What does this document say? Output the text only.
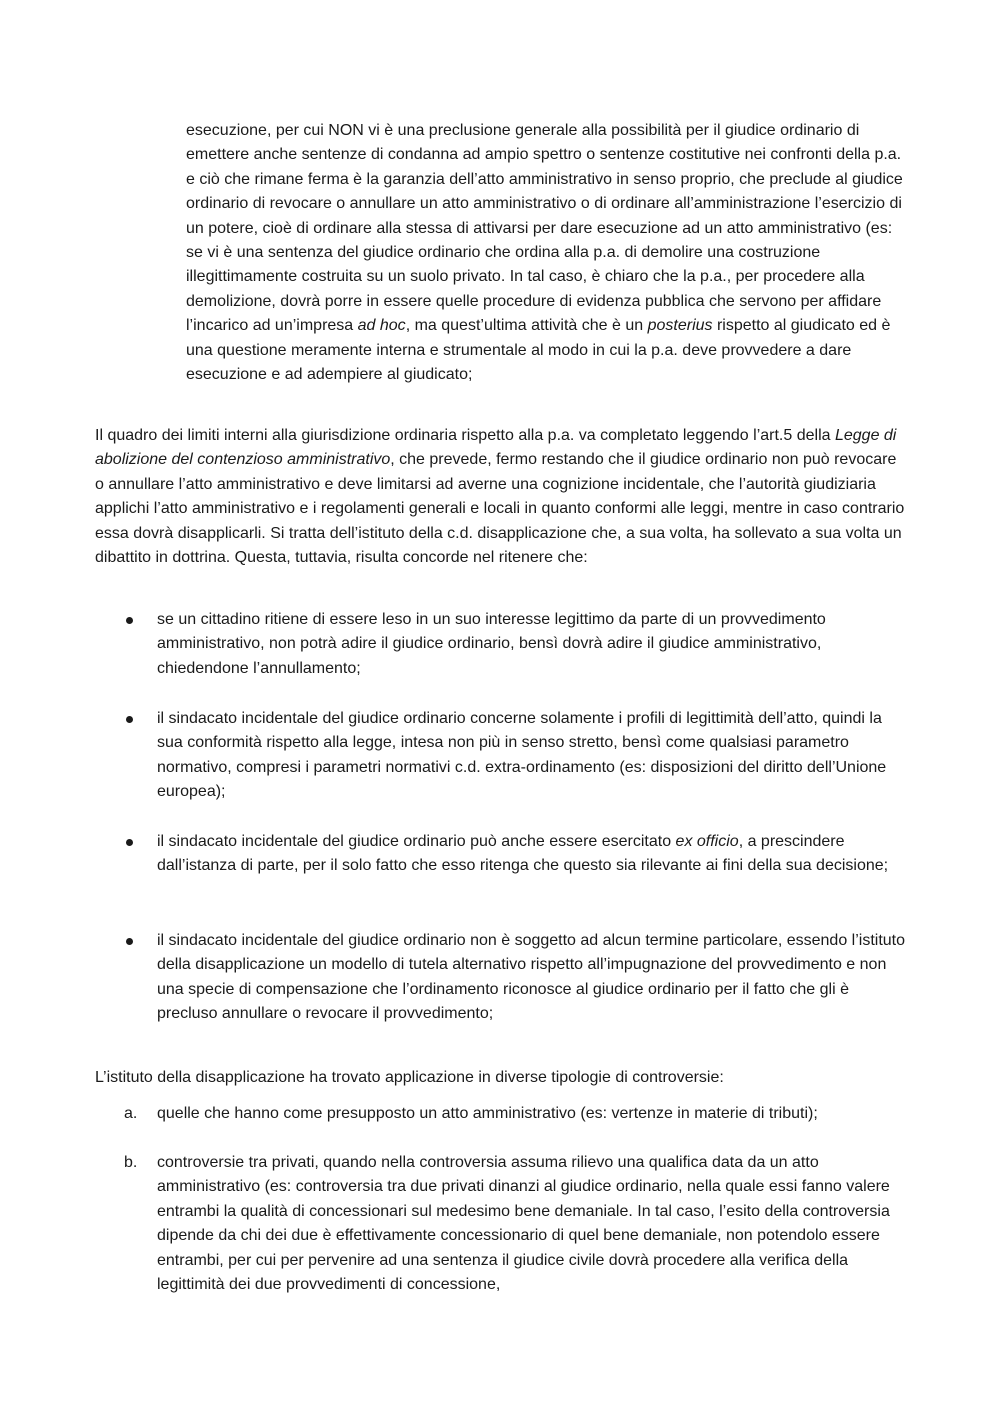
esecuzione, per cui NON vi è una preclusione generale alla possibilità per il giudice ordinario di emettere anche sentenze di condanna ad ampio spettro o sentenze costitutive nei confronti della p.a. e ciò che rimane ferma è la garanzia dell’atto amministrativo in senso proprio, che preclude al giudice ordinario di revocare o annullare un atto amministrativo o di ordinare all’amministrazione l’esercizio di un potere, cioè di ordinare alla stessa di attivarsi per dare esecuzione ad un atto amministrativo (es: se vi è una sentenza del giudice ordinario che ordina alla p.a. di demolire una costruzione illegittimamente costruita su un suolo privato. In tal caso, è chiaro che la p.a., per procedere alla demolizione, dovrà porre in essere quelle procedure di evidenza pubblica che servono per affidare l’incarico ad un’impresa ad hoc, ma quest’ultima attività che è un posterius rispetto al giudicato ed è una questione meramente interna e strumentale al modo in cui la p.a. deve provvedere a dare esecuzione e ad adempiere al giudicato;

Il quadro dei limiti interni alla giurisdizione ordinaria rispetto alla p.a. va completato leggendo l’art.5 della Legge di abolizione del contenzioso amministrativo, che prevede, fermo restando che il giudice ordinario non può revocare o annullare l’atto amministrativo e deve limitarsi ad averne una cognizione incidentale, che l’autorità giudiziaria applichi l’atto amministrativo e i regolamenti generali e locali in quanto conformi alle leggi, mentre in caso contrario essa dovrà disapplicarli. Si tratta dell’istituto della c.d. disapplicazione che, a sua volta, ha sollevato a sua volta un dibattito in dottrina. Questa, tuttavia, risulta concorde nel ritenere che:

se un cittadino ritiene di essere leso in un suo interesse legittimo da parte di un provvedimento amministrativo, non potrà adire il giudice ordinario, bensì dovrà adire il giudice amministrativo, chiedendone l’annullamento;

il sindacato incidentale del giudice ordinario concerne solamente i profili di legittimità dell’atto, quindi la sua conformità rispetto alla legge, intesa non più in senso stretto, bensì come qualsiasi parametro normativo, compresi i parametri normativi c.d. extra-ordinamento (es: disposizioni del diritto dell’Unione europea);

il sindacato incidentale del giudice ordinario può anche essere esercitato ex officio, a prescindere dall’istanza di parte, per il solo fatto che esso ritenga che questo sia rilevante ai fini della sua decisione;

il sindacato incidentale del giudice ordinario non è soggetto ad alcun termine particolare, essendo l’istituto della disapplicazione un modello di tutela alternativo rispetto all’impugnazione del provvedimento e non una specie di compensazione che l’ordinamento riconosce al giudice ordinario per il fatto che gli è precluso annullare o revocare il provvedimento;

L’istituto della disapplicazione ha trovato applicazione in diverse tipologie di controversie:

a.	quelle che hanno come presupposto un atto amministrativo (es: vertenze in materie di tributi);

b.	controversie tra privati, quando nella controversia assuma rilievo una qualifica data da un atto amministrativo (es: controversia tra due privati dinanzi al giudice ordinario, nella quale essi fanno valere entrambi la qualità di concessionari sul medesimo bene demaniale. In tal caso, l’esito della controversia dipende da chi dei due è effettivamente concessionario di quel bene demaniale, non potendolo essere entrambi, per cui per pervenire ad una sentenza il giudice civile dovrà procedere alla verifica della legittimità dei due provvedimenti di concessione,
